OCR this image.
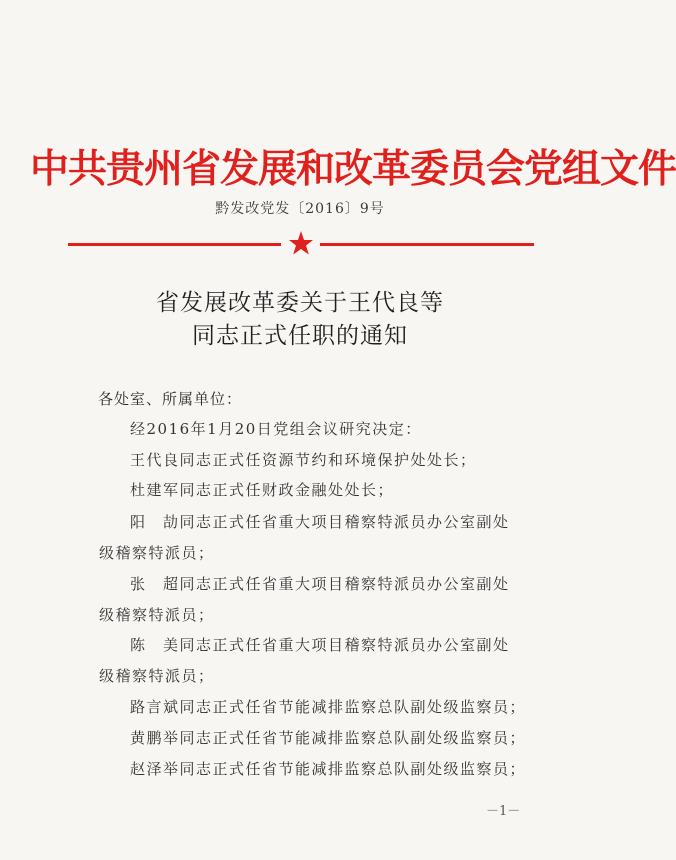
中共贵州省发展和改革委员会党组文件
黔发改党发〔2016〕9号
省发展改革委关于王代良等
同志正式任职的通知
各处室、所属单位：
经2016年1月20日党组会议研究决定：
王代良同志正式任资源节约和环境保护处处长；
杜建军同志正式任财政金融处处长；
阳　劼同志正式任省重大项目稽察特派员办公室副处
级稽察特派员；
张　超同志正式任省重大项目稽察特派员办公室副处
级稽察特派员；
陈　美同志正式任省重大项目稽察特派员办公室副处
级稽察特派员；
路言斌同志正式任省节能减排监察总队副处级监察员；
黄鹏举同志正式任省节能减排监察总队副处级监察员；
赵泽举同志正式任省节能减排监察总队副处级监察员；
－1－
